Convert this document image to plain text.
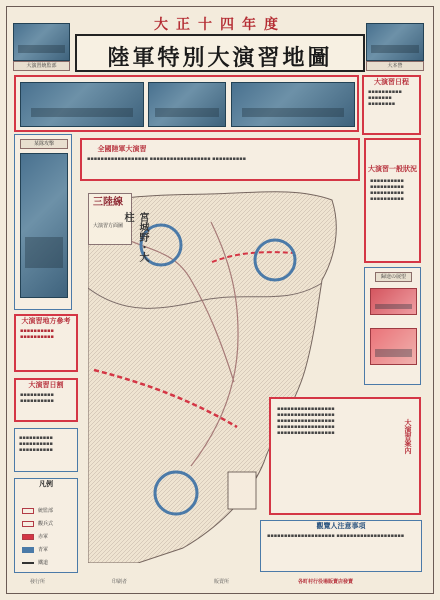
大正十四年度
陸軍特別大演習地圖
大演習統監部	大本營
某隊攻擊
大演習日程
▪▪▪▪▪▪▪▪▪▪ ▪▪▪▪▪▪▪ ▪▪▪▪▪▪▪▪
大演習一般狀況
▪▪▪▪▪▪▪▪▪▪ ▪▪▪▪▪▪▪▪▪▪ ▪▪▪▪▪▪▪▪▪▪ ▪▪▪▪▪▪▪▪▪▪
歸途の展望
全國陸軍大演習
▪▪▪▪▪▪▪▪▪▪▪▪▪▪▪▪▪▪ ▪▪▪▪▪▪▪▪▪▪▪▪▪▪▪▪▪▪ ▪▪▪▪▪▪▪▪▪▪
大演習地方參考
▪▪▪▪▪▪▪▪▪▪ ▪▪▪▪▪▪▪▪▪▪
大演習日割
▪▪▪▪▪▪▪▪▪▪ ▪▪▪▪▪▪▪▪▪▪
▪▪▪▪▪▪▪▪▪▪ ▪▪▪▪▪▪▪▪▪▪ ▪▪▪▪▪▪▪▪▪▪
凡例
統監部
觀兵式
赤軍
青軍
鐵道
三陸線
大演習方面圖	宮城野・大柱
大演習案內
▪▪▪▪▪▪▪▪▪▪▪▪▪▪▪▪▪ ▪▪▪▪▪▪▪▪▪▪▪▪▪▪▪▪▪ ▪▪▪▪▪▪▪▪▪▪▪▪▪▪▪▪▪ ▪▪▪▪▪▪▪▪▪▪▪▪▪▪▪▪▪ ▪▪▪▪▪▪▪▪▪▪▪▪▪▪▪▪▪
觀覽人注意事項
▪▪▪▪▪▪▪▪▪▪▪▪▪▪▪▪▪▪▪▪ ▪▪▪▪▪▪▪▪▪▪▪▪▪▪▪▪▪▪▪▪
發行所	印刷者	販賣所	各町村行役場販賣店發賣
